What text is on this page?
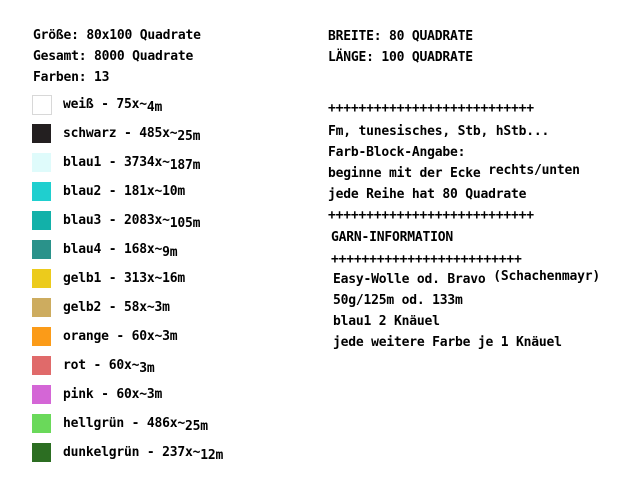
Größe: 80x100 Quadrate
Gesamt: 8000 Quadrate
Farben: 13
weiß - 75x~4m
schwarz - 485x~25m
blau1 - 3734x~187m
blau2 - 181x~10m
blau3 - 2083x~105m
blau4 - 168x~9m
gelb1 - 313x~16m
gelb2 - 58x~3m
orange - 60x~3m
rot - 60x~3m
pink - 60x~3m
hellgrün - 486x~25m
dunkelgrün - 237x~12m
BREITE: 80 QUADRATE
LÄNGE: 100 QUADRATE
+++++++++++++++++++++++++++
Fm, tunesisches, Stb, hStb...
Farb-Block-Angabe:
beginne mit der Ecke rechts/unten
jede Reihe hat 80 Quadrate
+++++++++++++++++++++++++++
GARN-INFORMATION
+++++++++++++++++++++++++
Easy-Wolle od. Bravo (Schachenmayr)
50g/125m od. 133m
blau1 2 Knäuel
jede weitere Farbe je 1 Knäuel
